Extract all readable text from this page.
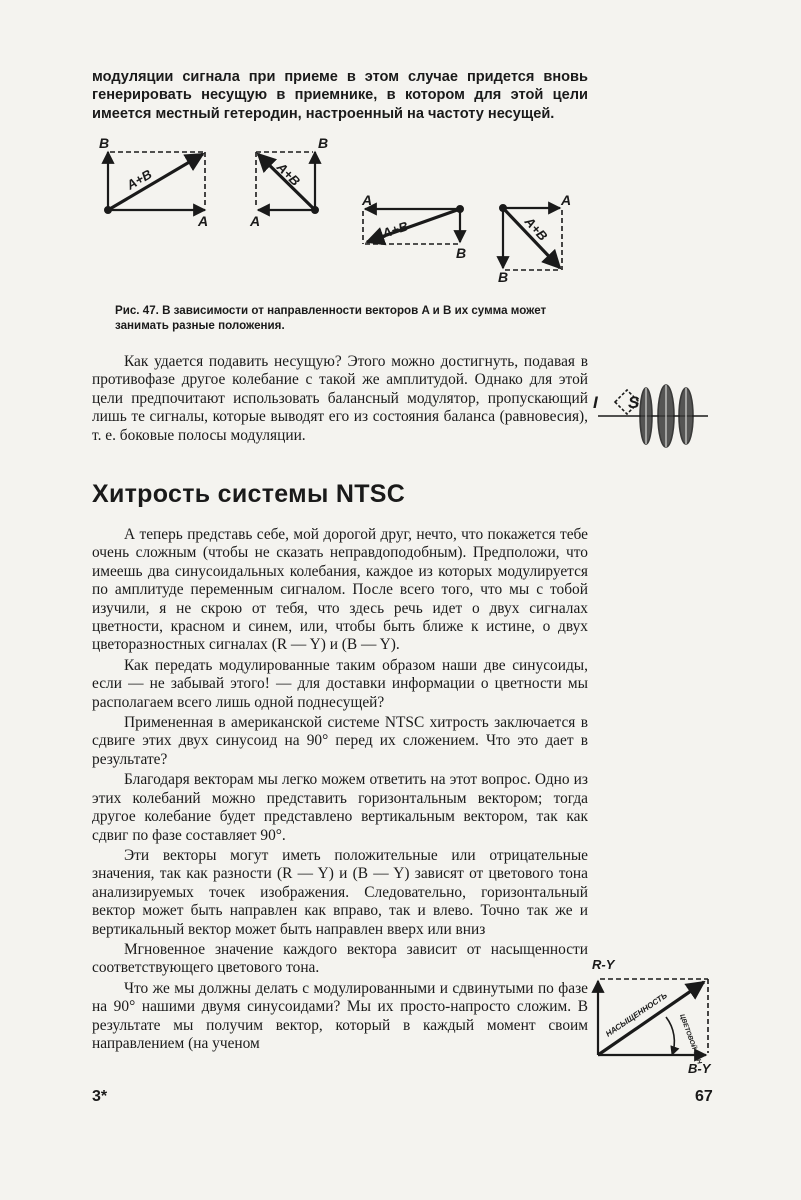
модуляции сигнала при приеме в этом случае придется вновь генерировать несущую в приемнике, в котором для этой цели имеется местный гетеродин, настроенный на частоту несущей.

B
A
A+B
B
A
A+B
A
B
A+B
A
B
A+B

Рис. 47. В зависимости от направленности векторов A и B их сумма может занимать разные положения.

Как удается подавить несущую? Этого можно достигнуть, подавая в противофазе другое колебание с такой же амплитудой. Однако для этой цели предпочитают использовать балансный модулятор, пропускающий лишь те сигналы, которые выводят его из состояния баланса (равновесия), т. е. боковые полосы модуляции.

I S
Хитрость системы NTSC

А теперь представь себе, мой дорогой друг, нечто, что покажется тебе очень сложным (чтобы не сказать неправдоподобным). Предположи, что имеешь два синусоидальных колебания, каждое из которых модулируется по амплитуде переменным сигналом. После всего того, что мы с тобой изучили, я не скрою от тебя, что здесь речь идет о двух сигналах цветности, красном и синем, или, чтобы быть ближе к истине, о двух цветоразностных сигналах (R — Y) и (B — Y).

Как передать модулированные таким образом наши две синусоиды, если — не забывай этого! — для доставки информации о цветности мы располагаем всего лишь одной поднесущей?

Примененная в американской системе NTSC хитрость заключается в сдвиге этих двух синусоид на 90° перед их сложением. Что это дает в результате?

Благодаря векторам мы легко можем ответить на этот вопрос. Одно из этих колебаний можно представить горизонтальным вектором; тогда другое колебание будет представлено вертикальным вектором, так как сдвиг по фазе составляет 90°.

Эти векторы могут иметь положительные или отрицательные значения, так как разности (R — Y) и (B — Y) зависят от цветового тона анализируемых точек изображения. Следовательно, горизонтальный вектор может быть направлен как вправо, так и влево. Точно так же и вертикальный вектор может быть направлен вверх или вниз

Мгновенное значение каждого вектора зависит от насыщенности соответствующего цветового тона.

Что же мы должны делать с модулированными и сдвинутыми по фазе на 90° нашими двумя синусоидами? Мы их просто-напросто сложим. В результате мы получим вектор, который в каждый момент своим направлением (на ученом

R-Y
B-Y
НАСЫЩЕННОСТЬ ЦВЕТОВОЙ ТОН
3*	67
